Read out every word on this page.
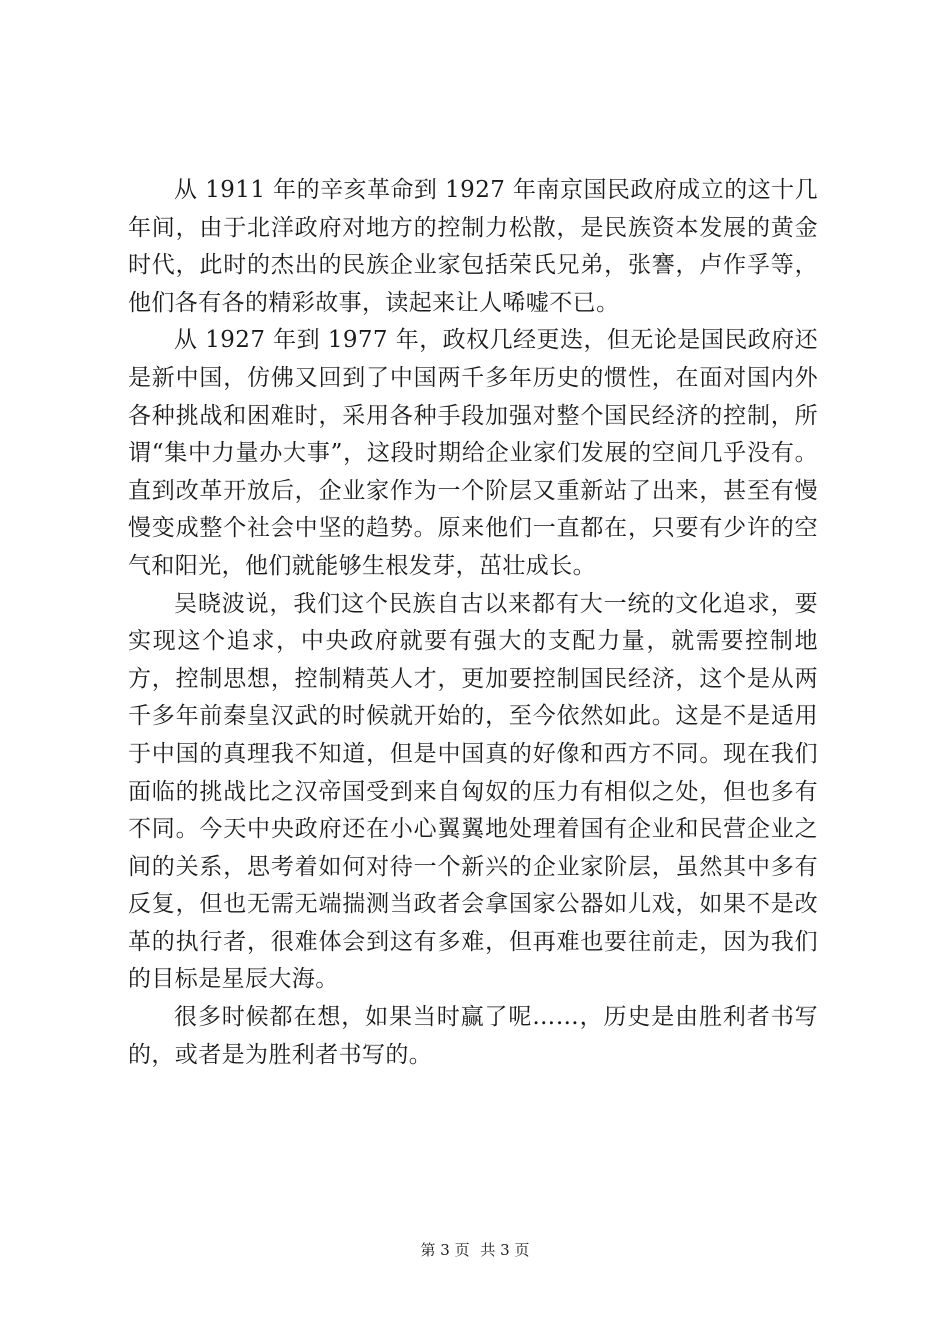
从 1911 年的辛亥革命到 1927 年南京国民政府成立的这十几年间，由于北洋政府对地方的控制力松散，是民族资本发展的黄金时代，此时的杰出的民族企业家包括荣氏兄弟，张謇，卢作孚等，他们各有各的精彩故事，读起来让人唏嘘不已。

从 1927 年到 1977 年，政权几经更迭，但无论是国民政府还是新中国，仿佛又回到了中国两千多年历史的惯性，在面对国内外各种挑战和困难时，采用各种手段加强对整个国民经济的控制，所谓“集中力量办大事”，这段时期给企业家们发展的空间几乎没有。直到改革开放后，企业家作为一个阶层又重新站了出来，甚至有慢慢变成整个社会中坚的趋势。原来他们一直都在，只要有少许的空气和阳光，他们就能够生根发芽，茁壮成长。

吴晓波说，我们这个民族自古以来都有大一统的文化追求，要实现这个追求，中央政府就要有强大的支配力量，就需要控制地方，控制思想，控制精英人才，更加要控制国民经济，这个是从两千多年前秦皇汉武的时候就开始的，至今依然如此。这是不是适用于中国的真理我不知道，但是中国真的好像和西方不同。现在我们面临的挑战比之汉帝国受到来自匈奴的压力有相似之处，但也多有不同。今天中央政府还在小心翼翼地处理着国有企业和民营企业之间的关系，思考着如何对待一个新兴的企业家阶层，虽然其中多有反复，但也无需无端揣测当政者会拿国家公器如儿戏，如果不是改革的执行者，很难体会到这有多难，但再难也要往前走，因为我们的目标是星辰大海。

很多时候都在想，如果当时赢了呢……，历史是由胜利者书写的，或者是为胜利者书写的。

第 3 页 共 3 页
